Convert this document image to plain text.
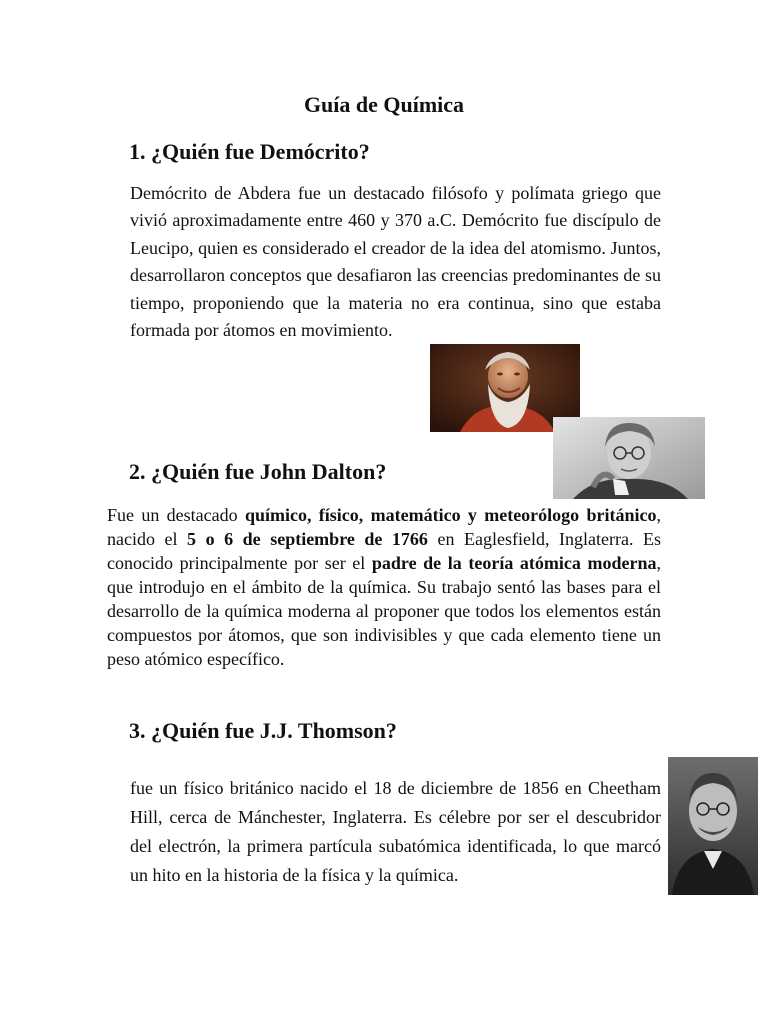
Guía de Química
1. ¿Quién fue Demócrito?

Demócrito de Abdera fue un destacado filósofo y polímata griego que vivió aproximadamente entre 460 y 370 a.C. Demócrito fue discípulo de Leucipo, quien es considerado el creador de la idea del atomismo. Juntos, desarrollaron conceptos que desafiaron las creencias predominantes de su tiempo, proponiendo que la materia no era continua, sino que estaba formada por átomos en movimiento.

2. ¿Quién fue John Dalton?

Fue un destacado químico, físico, matemático y meteorólogo británico, nacido el 5 o 6 de septiembre de 1766 en Eaglesfield, Inglaterra. Es conocido principalmente por ser el padre de la teoría atómica moderna, que introdujo en el ámbito de la química. Su trabajo sentó las bases para el desarrollo de la química moderna al proponer que todos los elementos están compuestos por átomos, que son indivisibles y que cada elemento tiene un peso atómico específico.

3. ¿Quién fue J.J. Thomson?

fue un físico británico nacido el 18 de diciembre de 1856 en Cheetham Hill, cerca de Mánchester, Inglaterra. Es célebre por ser el descubridor del electrón, la primera partícula subatómica identificada, lo que marcó un hito en la historia de la física y la química.
